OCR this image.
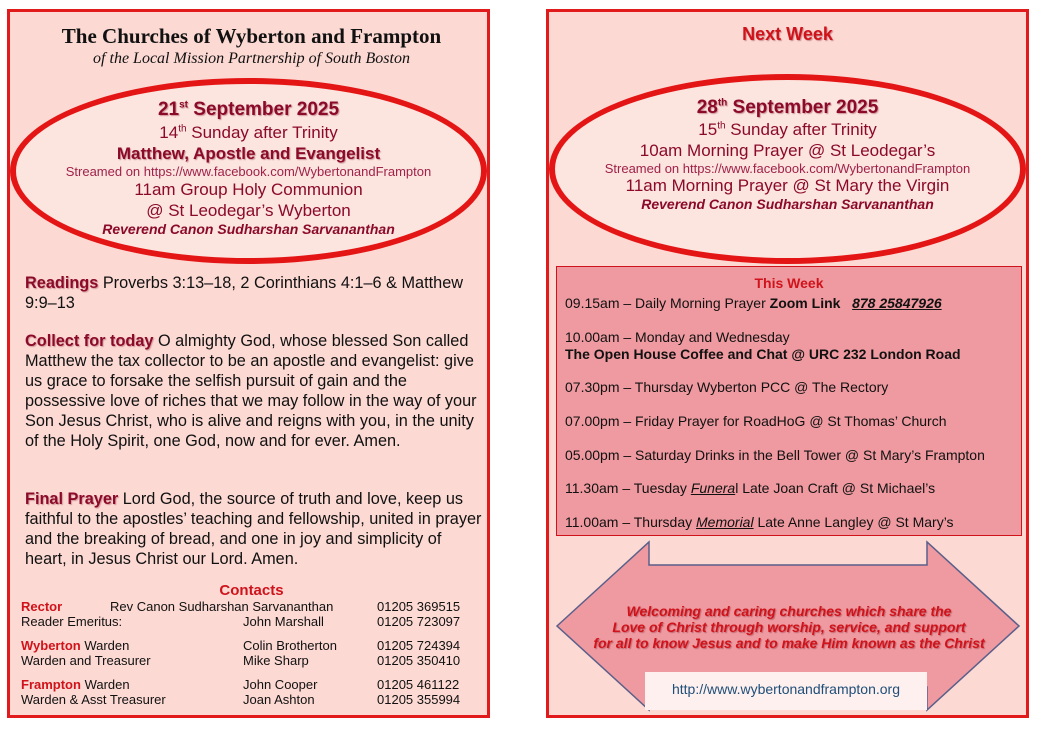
The Churches of Wyberton and Frampton
of the Local Mission Partnership of South Boston
21st September 2025
14th Sunday after Trinity
Matthew, Apostle and Evangelist
Streamed on https://www.facebook.com/WybertonandFrampton
11am Group Holy Communion
@ St Leodegar’s Wyberton
Reverend Canon Sudharshan Sarvananthan
Readings Proverbs 3:13–18, 2 Corinthians 4:1–6 & Matthew 9:9–13
Collect for today O almighty God, whose blessed Son called Matthew the tax collector to be an apostle and evangelist: give us grace to forsake the selfish pursuit of gain and the possessive love of riches that we may follow in the way of your Son Jesus Christ, who is alive and reigns with you, in the unity of the Holy Spirit, one God, now and for ever. Amen.
Final Prayer Lord God, the source of truth and love, keep us faithful to the apostles’ teaching and fellowship, united in prayer and the breaking of bread, and one in joy and simplicity of heart, in Jesus Christ our Lord. Amen.
Contacts
Rector	Rev Canon Sudharshan Sarvananthan	01205 369515
Reader Emeritus:	John Marshall	01205 723097
Wyberton Warden	Colin Brotherton	01205 724394
Warden and Treasurer	Mike Sharp	01205 350410
Frampton Warden	John Cooper	01205 461122
Warden & Asst Treasurer	Joan Ashton	01205 355994
Next Week
28th September 2025
15th Sunday after Trinity
10am Morning Prayer @ St Leodegar’s
Streamed on https://www.facebook.com/WybertonandFrampton
11am Morning Prayer @ St Mary the Virgin
Reverend Canon Sudharshan Sarvananthan
This Week
09.15am – Daily Morning Prayer Zoom Link 878 25847926
10.00am – Monday and Wednesday
The Open House Coffee and Chat @ URC 232 London Road
07.30pm – Thursday Wyberton PCC @ The Rectory
07.00pm – Friday Prayer for RoadHoG @ St Thomas’ Church
05.00pm – Saturday Drinks in the Bell Tower @ St Mary’s Frampton
11.30am – Tuesday Funeral Late Joan Craft @ St Michael’s
11.00am – Thursday Memorial Late Anne Langley @ St Mary’s
Welcoming and caring churches which share the
Love of Christ through worship, service, and support
for all to know Jesus and to make Him known as the Christ
http://www.wybertonandframpton.org
